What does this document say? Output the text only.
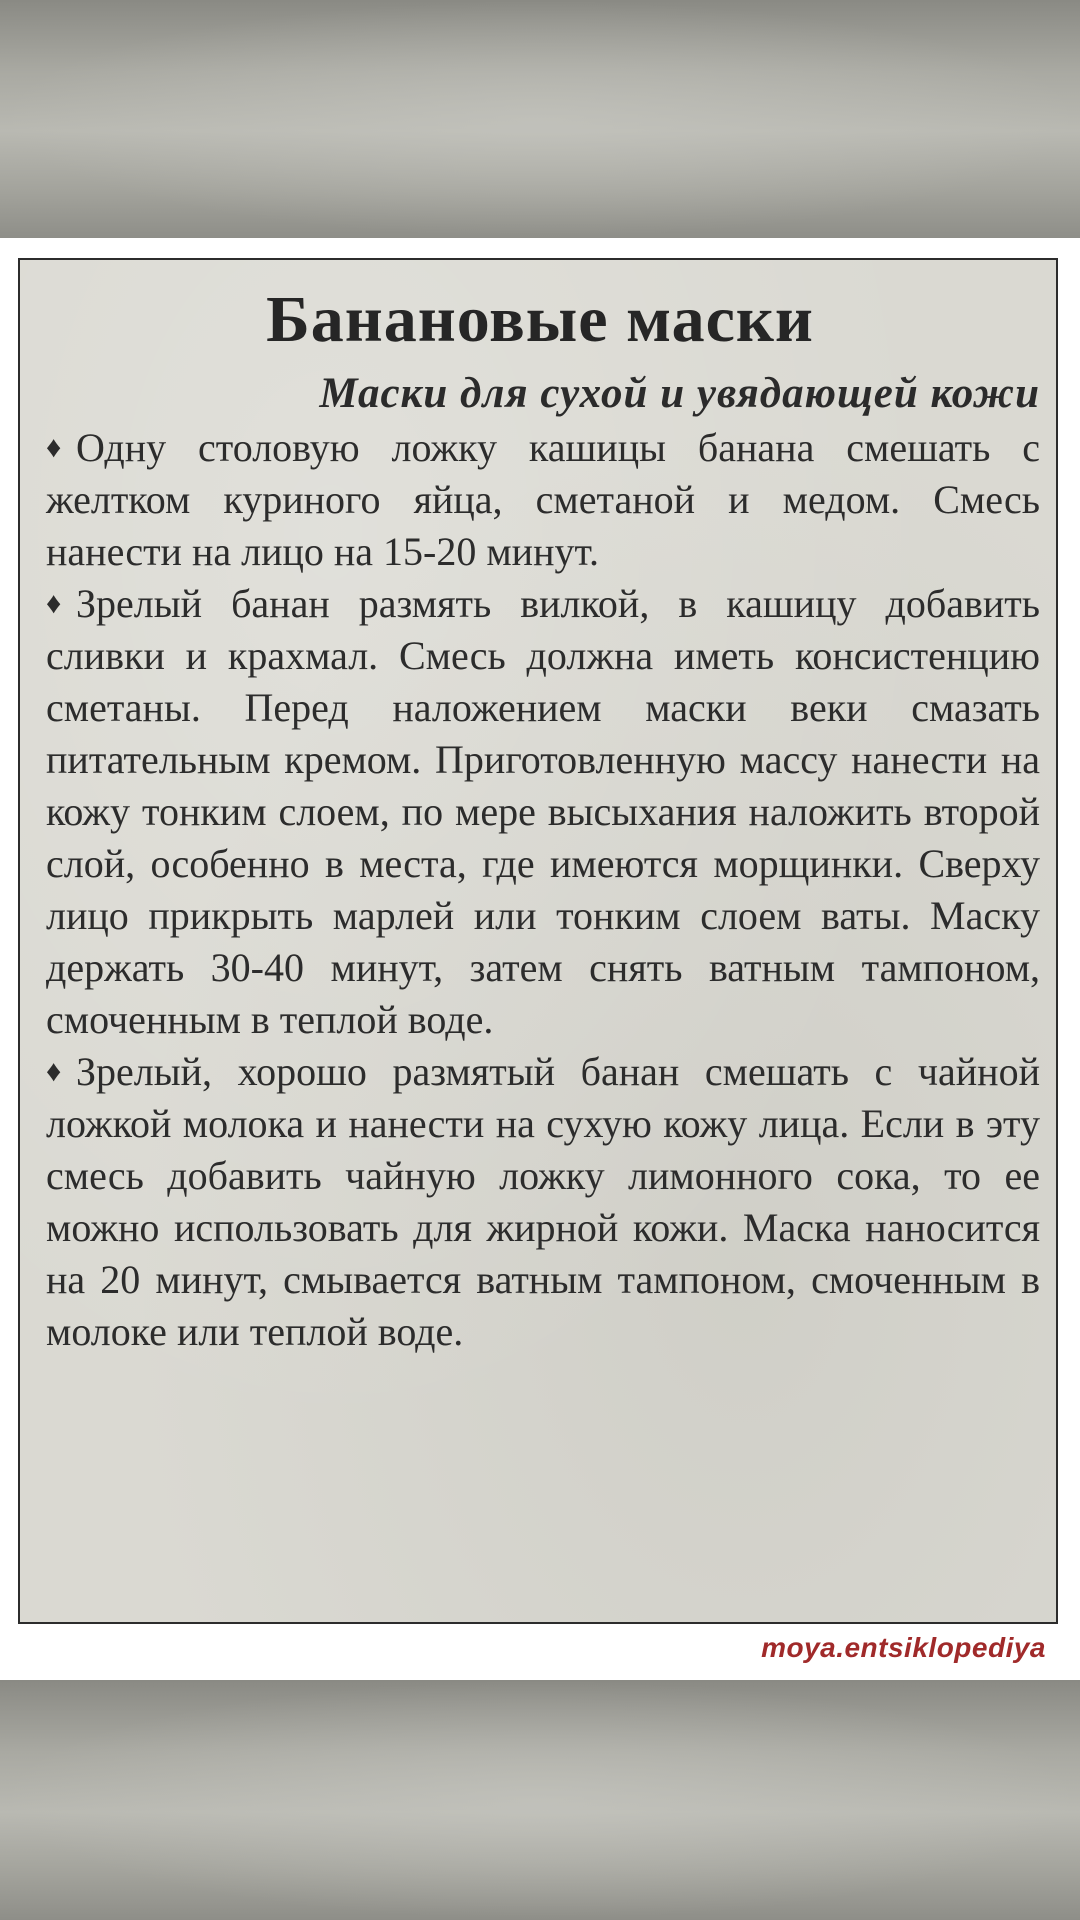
Банановые маски
Маски для сухой и увядающей кожи

♦ Одну столовую ложку кашицы банана смешать с желтком куриного яйца, сметаной и медом. Смесь нанести на лицо на 15-20 минут.

♦ Зрелый банан размять вилкой, в кашицу добавить сливки и крахмал. Смесь должна иметь консистенцию сметаны. Перед наложением маски веки смазать питательным кремом. Приготовленную массу нанести на кожу тонким слоем, по мере высыхания наложить второй слой, особенно в места, где имеются морщинки. Сверху лицо прикрыть марлей или тонким слоем ваты. Маску держать 30-40 минут, затем снять ватным тампоном, смоченным в теплой воде.

♦ Зрелый, хорошо размятый банан смешать с чайной ложкой молока и нанести на сухую кожу лица. Если в эту смесь добавить чайную ложку лимонного сока, то ее можно использовать для жирной кожи. Маска наносится на 20 минут, смывается ватным тампоном, смоченным в молоке или теплой воде.

moya.entsiklopediya
